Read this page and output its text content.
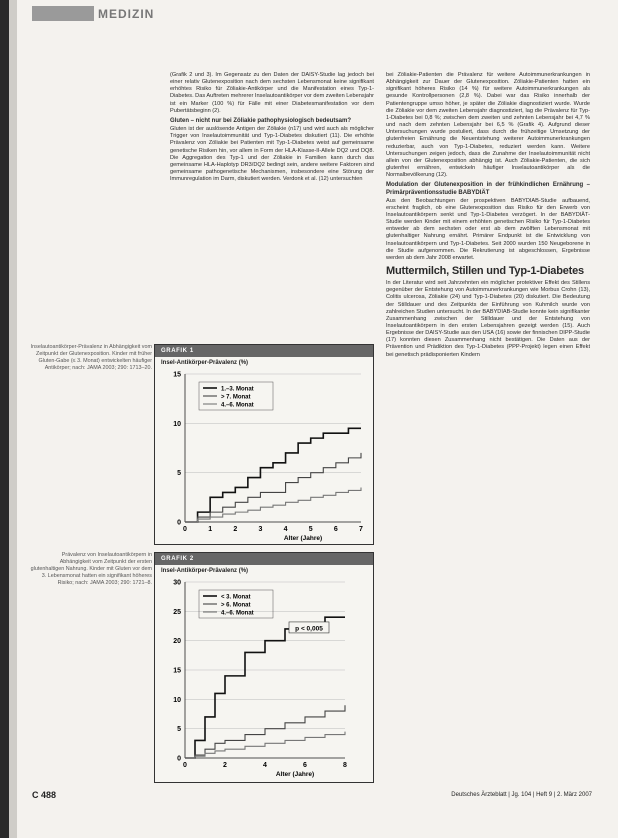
MEDIZIN

(Grafik 2 und 3). Im Gegensatz zu den Daten der DAISY-Studie lag jedoch bei einer relativ Glutenexposition nach dem sechsten Lebensmonat keine signifikant erhöhtes Risiko für Zöliakie-Antikörper und die Manifestation eines Typ-1-Diabetes. Das Auftreten mehrerer Inselautoantikörper vor dem zweiten Lebensjahr ist ein Marker (100 %) für Fälle mit einer Diabetesmanifestation vor dem Pubertätsbeginn (2).

Gluten – nicht nur bei Zöliakie pathophysiologisch bedeutsam?

Gluten ist der auslösende Antigen der Zöliakie (n17) und wird auch als möglicher Trigger von Inselautoimmunität und Typ-1-Diabetes diskutiert (11). Die erhöhte Prävalenz von Zöliakie bei Patienten mit Typ-1-Diabetes weist auf gemeinsame genetische Risiken hin, vor allem in Form der HLA-Klasse-II-Allele DQ2 und DQ8. Die Aggregation des Typ-1 und der Zöliakie in Familien kann durch das gemeinsame HLA-Haplotyp DR3/DQ2 bedingt sein, andere weitere Faktoren sind gemeinsame pathogenetische Mechanismen, insbesondere eine Störung der Immunregulation im Darm, diskutiert werden. Verdonk et al. (12) untersuchten

bei Zöliakie-Patienten die Prävalenz für weitere Autoimmunerkrankungen in Abhängigkeit zur Dauer der Glutenexposition. Zöliakie-Patienten hatten ein signifikant höheres Risiko (14 %) für weitere Autoimmunerkrankungen als gesunde Kontrollpersonen (2,8 %). Dabei war das Risiko innerhalb der Patientengruppe umso höher, je später die Zöliakie diagnostiziert wurde. Wurde die Zöliakie vor dem zweiten Lebensjahr diagnostiziert, lag die Prävalenz für Typ-1-Diabetes bei 0,8 %; zwischen dem zweiten und zehnten Lebensjahr bei 4,7 % und nach dem zehnten Lebensjahr bei 6,5 % (Grafik 4). Aufgrund dieser Untersuchungen wurde postuliert, dass durch die frühzeitige Umsetzung der glutenfreien Ernährung die Neuentstehung weiterer Autoimmunerkrankungen reduzierbar, auch von Typ-1-Diabetes, reduziert werden kann. Weitere Untersuchungen zeigen jedoch, dass die Zunahme der Inselautoimmunität nicht allein von der Glutenexposition abhängig ist. Auch Zöliakie-Patienten, die sich glutenfrei ernähren, entwickeln häufiger Inselautoantikörper als die Normalbevölkerung (12).

Modulation der Glutenexposition in der frühkindlichen Ernährung – Primärpräventionsstudie BABYDIÄT

Aus den Beobachtungen der prospektiven BABYDIAB-Studie aufbauend, erscheint fraglich, ob eine Glutenexposition das Risiko für den Erwerb von Inselautoantikörpern senkt und Typ-1-Diabetes verzögert. In der BABYDIÄT-Studie werden Kinder mit einem erhöhten genetischen Risiko für Typ-1-Diabetes entweder ab dem sechsten oder erst ab dem zwölften Lebensmonat mit glutenhaltiger Nahrung ernährt. Primärer Endpunkt ist die Entwicklung von Inselautoantikörpern und Typ-1-Diabetes. Seit 2000 wurden 150 Neugeborene in die Studie aufgenommen. Die Rekrutierung ist abgeschlossen, Ergebnisse werden ab dem Jahr 2008 erwartet.

Muttermilch, Stillen und Typ-1-Diabetes

In der Literatur wird seit Jahrzehnten ein möglicher protektiver Effekt des Stillens gegenüber der Entstehung von Autoimmunerkrankungen wie Morbus Crohn (13), Colitis ulcerosa, Zöliakie (24) und Typ-1-Diabetes (20) diskutiert. Die Bedeutung der Stilldauer und des Zeitpunkts der Einführung von Kuhmilch wurde von zahlreichen Studien untersucht. In der BABYDIAB-Studie konnte kein signifikanter Zusammenhang zwischen der Stilldauer und der Entstehung von Inselautoantikörpern in den ersten Lebensjahren gezeigt werden (15). Auch Ergebnisse der DAISY-Studie aus den USA (16) sowie der finnischen DIPP-Studie (17) konnten diesen Zusammenhang nicht bestätigen. Die Daten aus der Prävention und Prädiktion des Typ-1-Diabetes (PPP-Projekt) legen einen Effekt bei genetisch prädisponierten Kindern

Inselautoantikörper-Prävalenz in Abhängigkeit vom Zeitpunkt der Glutenexposition. Kinder mit früher Gluten-Gabe (≤ 3. Monat) entwickelten häufiger Antikörper; nach: JAMA 2003; 290: 1713–20.
GRAFIK 1
Insel-Antikörper-Prävalenz (%)
0
5
10
15
0	1	2	3	4	5	6	7
1.–3. Monat
> 7. Monat
4.–6. Monat
Alter (Jahre)
Prävalenz von Inselautoantikörpern in Abhängigkeit vom Zeitpunkt der ersten glutenhaltigen Nahrung. Kinder mit Gluten vor dem 3. Lebensmonat hatten ein signifikant höheres Risiko; nach: JAMA 2003; 290: 1721–8.
GRAFIK 2
Insel-Antikörper-Prävalenz (%)
0
5
10
15
20
25
30
0	2	4	6	8
< 3. Monat
> 6. Monat
4.–6. Monat
Alter (Jahre)
p < 0,005
C 488	Deutsches Ärzteblatt | Jg. 104 | Heft 9 | 2. März 2007
